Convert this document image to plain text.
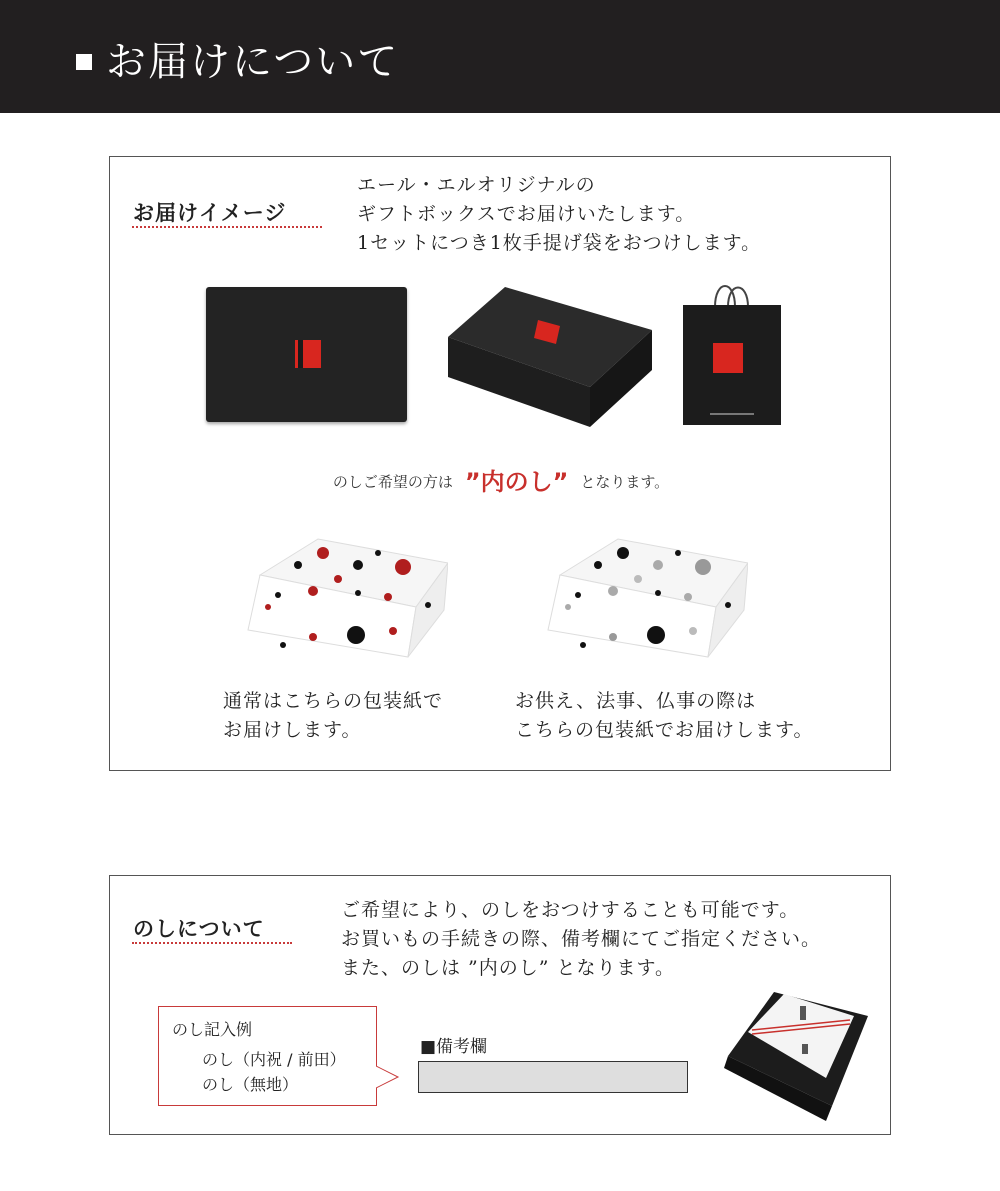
お届けについて
お届けイメージ
エール・エルオリジナルの
ギフトボックスでお届けいたします。
1セットにつき1枚手提げ袋をおつけします。
のしご希望の方は ”内のし” となります。
通常はこちらの包装紙で
お届けします。
お供え、法事、仏事の際は
こちらの包装紙でお届けします。
のしについて
ご希望により、のしをおつけすることも可能です。
お買いもの手続きの際、備考欄にてご指定ください。
また、のしは ”内のし” となります。
のし記入例
のし（内祝 / 前田）
のし（無地）
■備考欄
